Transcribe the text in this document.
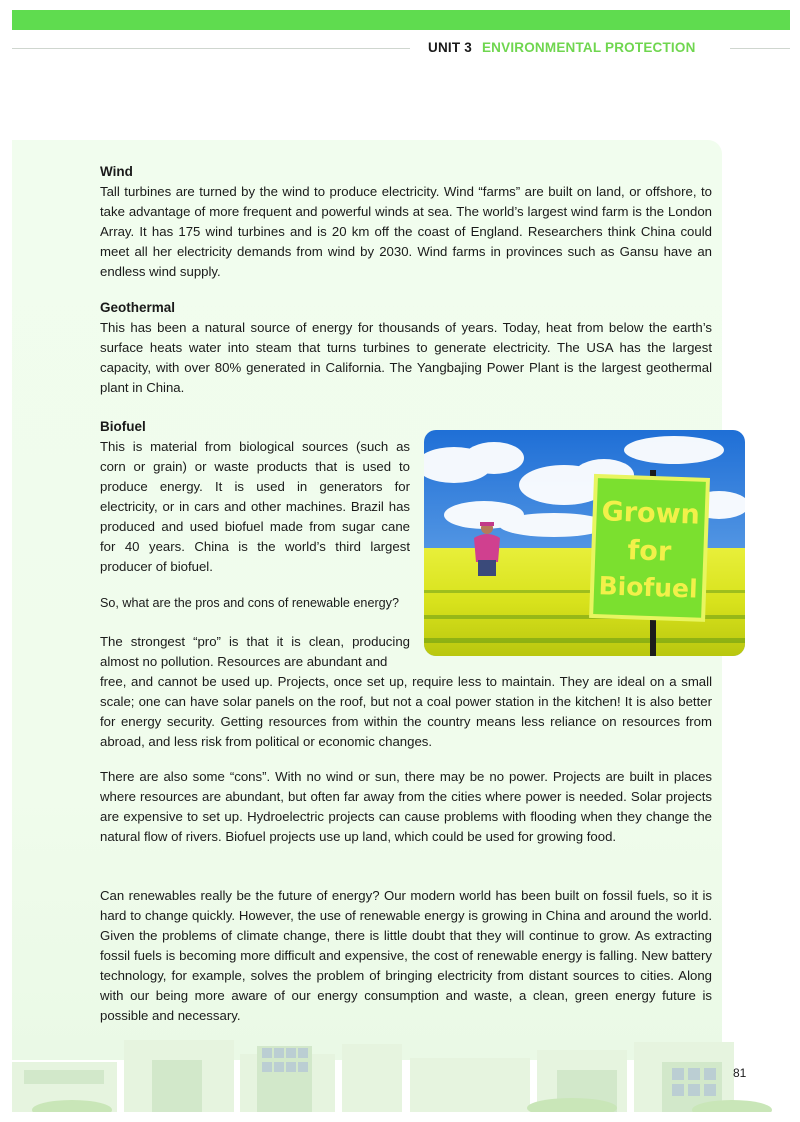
UNIT 3 ENVIRONMENTAL PROTECTION
Wind

Tall turbines are turned by the wind to produce electricity. Wind “farms” are built on land, or offshore, to take advantage of more frequent and powerful winds at sea. The world’s largest wind farm is the London Array. It has 175 wind turbines and is 20 km off the coast of England. Researchers think China could meet all her electricity demands from wind by 2030. Wind farms in provinces such as Gansu have an endless wind supply.

Geothermal

This has been a natural source of energy for thousands of years. Today, heat from below the earth’s surface heats water into steam that turns turbines to generate electricity. The USA has the largest capacity, with over 80% generated in California. The Yangbajing Power Plant is the largest geothermal plant in China.

Biofuel

This is material from biological sources (such as corn or grain) or waste products that is used to produce energy. It is used in generators for electricity, or in cars and other machines. Brazil has produced and used biofuel made from sugar cane for 40 years. China is the world’s third largest producer of biofuel.

So, what are the pros and cons of renewable energy?

The strongest “pro” is that it is clean, producing almost no pollution. Resources are abundant and

Grown
for
Biofuel

free, and cannot be used up. Projects, once set up, require less to maintain. They are ideal on a small scale; one can have solar panels on the roof, but not a coal power station in the kitchen! It is also better for energy security. Getting resources from within the country means less reliance on resources from abroad, and less risk from political or economic changes.

There are also some “cons”. With no wind or sun, there may be no power. Projects are built in places where resources are abundant, but often far away from the cities where power is needed. Solar projects are expensive to set up. Hydroelectric projects can cause problems with flooding when they change the natural flow of rivers. Biofuel projects use up land, which could be used for growing food.

Can renewables really be the future of energy? Our modern world has been built on fossil fuels, so it is hard to change quickly. However, the use of renewable energy is growing in China and around the world. Given the problems of climate change, there is little doubt that they will continue to grow. As extracting fossil fuels is becoming more difficult and expensive, the cost of renewable energy is falling. New battery technology, for example, solves the problem of bringing electricity from distant sources to cities. Along with our being more aware of our energy consumption and waste, a clean, green energy future is possible and necessary.

81
